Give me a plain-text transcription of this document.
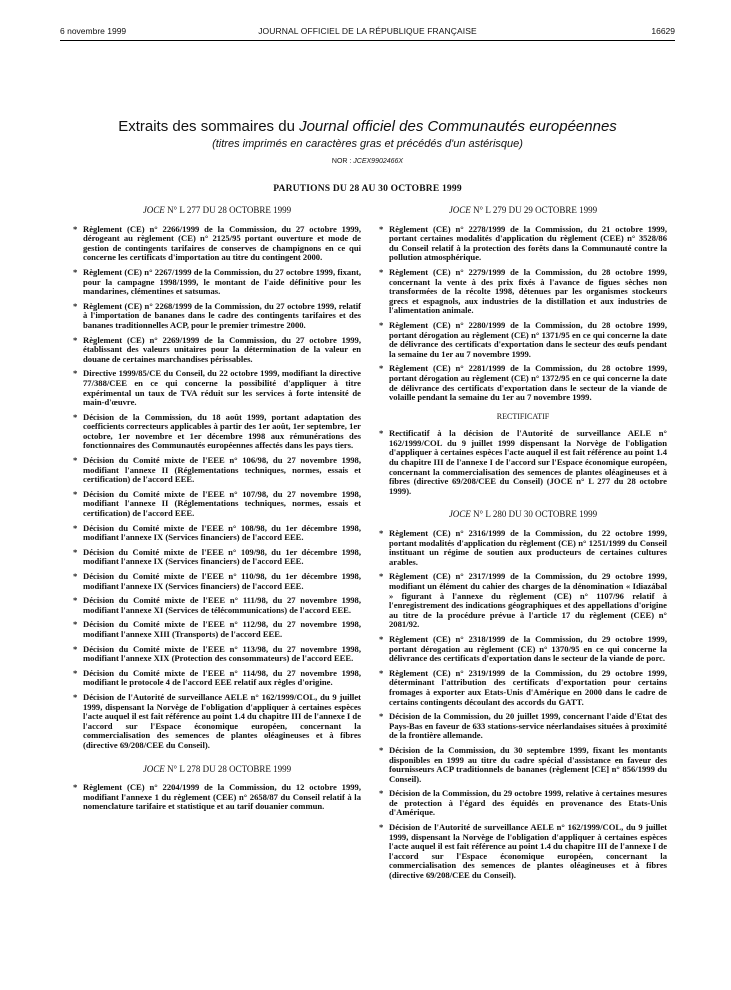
6 novembre 1999	JOURNAL OFFICIEL DE LA RÉPUBLIQUE FRANÇAISE	16629
Extraits des sommaires du Journal officiel des Communautés européennes
(titres imprimés en caractères gras et précédés d'un astérisque)
NOR : JCEX9902466X
PARUTIONS DU 28 AU 30 OCTOBRE 1999
JOCE N° L 277 DU 28 OCTOBRE 1999
* Règlement (CE) n° 2266/1999 de la Commission, du 27 octobre 1999, dérogeant au règlement (CE) n° 2125/95 portant ouverture et mode de gestion de contingents tarifaires de conserves de champignons en ce qui concerne les certificats d'importation au titre du contingent 2000.
* Règlement (CE) n° 2267/1999 de la Commission, du 27 octobre 1999, fixant, pour la campagne 1998/1999, le montant de l'aide définitive pour les mandarines, clémentines et satsumas.
* Règlement (CE) n° 2268/1999 de la Commission, du 27 octobre 1999, relatif à l'importation de bananes dans le cadre des contingents tarifaires et des bananes traditionnelles ACP, pour le premier trimestre 2000.
* Règlement (CE) n° 2269/1999 de la Commission, du 27 octobre 1999, établissant des valeurs unitaires pour la détermination de la valeur en douane de certaines marchandises périssables.
* Directive 1999/85/CE du Conseil, du 22 octobre 1999, modifiant la directive 77/388/CEE en ce qui concerne la possibilité d'appliquer à titre expérimental un taux de TVA réduit sur les services à forte intensité de main-d'œuvre.
* Décision de la Commission, du 18 août 1999, portant adaptation des coefficients correcteurs applicables à partir des 1er août, 1er septembre, 1er octobre, 1er novembre et 1er décembre 1998 aux rémunérations des fonctionnaires des Communautés européennes affectés dans les pays tiers.
* Décision du Comité mixte de l'EEE n° 106/98, du 27 novembre 1998, modifiant l'annexe II (Réglementations techniques, normes, essais et certification) de l'accord EEE.
* Décision du Comité mixte de l'EEE n° 107/98, du 27 novembre 1998, modifiant l'annexe II (Réglementations techniques, normes, essais et certification) de l'accord EEE.
* Décision du Comité mixte de l'EEE n° 108/98, du 1er décembre 1998, modifiant l'annexe IX (Services financiers) de l'accord EEE.
* Décision du Comité mixte de l'EEE n° 109/98, du 1er décembre 1998, modifiant l'annexe IX (Services financiers) de l'accord EEE.
* Décision du Comité mixte de l'EEE n° 110/98, du 1er décembre 1998, modifiant l'annexe IX (Services financiers) de l'accord EEE.
* Décision du Comité mixte de l'EEE n° 111/98, du 27 novembre 1998, modifiant l'annexe XI (Services de télécommunications) de l'accord EEE.
* Décision du Comité mixte de l'EEE n° 112/98, du 27 novembre 1998, modifiant l'annexe XIII (Transports) de l'accord EEE.
* Décision du Comité mixte de l'EEE n° 113/98, du 27 novembre 1998, modifiant l'annexe XIX (Protection des consommateurs) de l'accord EEE.
* Décision du Comité mixte de l'EEE n° 114/98, du 27 novembre 1998, modifiant le protocole 4 de l'accord EEE relatif aux règles d'origine.
* Décision de l'Autorité de surveillance AELE n° 162/1999/COL, du 9 juillet 1999, dispensant la Norvège de l'obligation d'appliquer à certaines espèces l'acte auquel il est fait référence au point 1.4 du chapitre III de l'annexe I de l'accord sur l'Espace économique européen, concernant la commercialisation des semences de plantes oléagineuses et à fibres (directive 69/208/CEE du Conseil).
JOCE N° L 278 DU 28 OCTOBRE 1999
* Règlement (CE) n° 2204/1999 de la Commission, du 12 octobre 1999, modifiant l'annexe 1 du règlement (CEE) n° 2658/87 du Conseil relatif à la nomenclature tarifaire et statistique et au tarif douanier commun.
JOCE N° L 279 DU 29 OCTOBRE 1999
* Règlement (CE) n° 2278/1999 de la Commission, du 21 octobre 1999, portant certaines modalités d'application du règlement (CEE) n° 3528/86 du Conseil relatif à la protection des forêts dans la Communauté contre la pollution atmosphérique.
* Règlement (CE) n° 2279/1999 de la Commission, du 28 octobre 1999, concernant la vente à des prix fixés à l'avance de figues sèches non transformées de la récolte 1998, détenues par les organismes stockeurs grecs et espagnols, aux industries de la distillation et aux industries de l'alimentation animale.
* Règlement (CE) n° 2280/1999 de la Commission, du 28 octobre 1999, portant dérogation au règlement (CE) n° 1371/95 en ce qui concerne la date de délivrance des certificats d'exportation dans le secteur des œufs pendant la semaine du 1er au 7 novembre 1999.
* Règlement (CE) n° 2281/1999 de la Commission, du 28 octobre 1999, portant dérogation au règlement (CE) n° 1372/95 en ce qui concerne la date de délivrance des certificats d'exportation dans le secteur de la viande de volaille pendant la semaine du 1er au 7 novembre 1999.
RECTIFICATIF
* Rectificatif à la décision de l'Autorité de surveillance AELE n° 162/1999/COL du 9 juillet 1999 dispensant la Norvège de l'obligation d'appliquer à certaines espèces l'acte auquel il est fait référence au point 1.4 du chapitre III de l'annexe I de l'accord sur l'Espace économique européen, concernant la commercialisation des semences de plantes oléagineuses et à fibres (directive 69/208/CEE du Conseil) (JOCE n° L 277 du 28 octobre 1999).
JOCE N° L 280 DU 30 OCTOBRE 1999
* Règlement (CE) n° 2316/1999 de la Commission, du 22 octobre 1999, portant modalités d'application du règlement (CE) n° 1251/1999 du Conseil instituant un régime de soutien aux producteurs de certaines cultures arables.
* Règlement (CE) n° 2317/1999 de la Commission, du 29 octobre 1999, modifiant un élément du cahier des charges de la dénomination « Idiazábal » figurant à l'annexe du règlement (CE) n° 1107/96 relatif à l'enregistrement des indications géographiques et des appellations d'origine au titre de la procédure prévue à l'article 17 du règlement (CEE) n° 2081/92.
* Règlement (CE) n° 2318/1999 de la Commission, du 29 octobre 1999, portant dérogation au règlement (CE) n° 1370/95 en ce qui concerne la délivrance des certificats d'exportation dans le secteur de la viande de porc.
* Règlement (CE) n° 2319/1999 de la Commission, du 29 octobre 1999, déterminant l'attribution des certificats d'exportation pour certains fromages à exporter aux Etats-Unis d'Amérique en 2000 dans le cadre de certains contingents découlant des accords du GATT.
* Décision de la Commission, du 20 juillet 1999, concernant l'aide d'Etat des Pays-Bas en faveur de 633 stations-service néerlandaises situées à proximité de la frontière allemande.
* Décision de la Commission, du 30 septembre 1999, fixant les montants disponibles en 1999 au titre du cadre spécial d'assistance en faveur des fournisseurs ACP traditionnels de bananes (règlement [CE] n° 856/1999 du Conseil).
* Décision de la Commission, du 29 octobre 1999, relative à certaines mesures de protection à l'égard des équidés en provenance des Etats-Unis d'Amérique.
* Décision de l'Autorité de surveillance AELE n° 162/1999/COL, du 9 juillet 1999, dispensant la Norvège de l'obligation d'appliquer à certaines espèces l'acte auquel il est fait référence au point 1.4 du chapitre III de l'annexe I de l'accord sur l'Espace économique européen, concernant la commercialisation des semences de plantes oléagineuses et à fibres (directive 69/208/CEE du Conseil).
